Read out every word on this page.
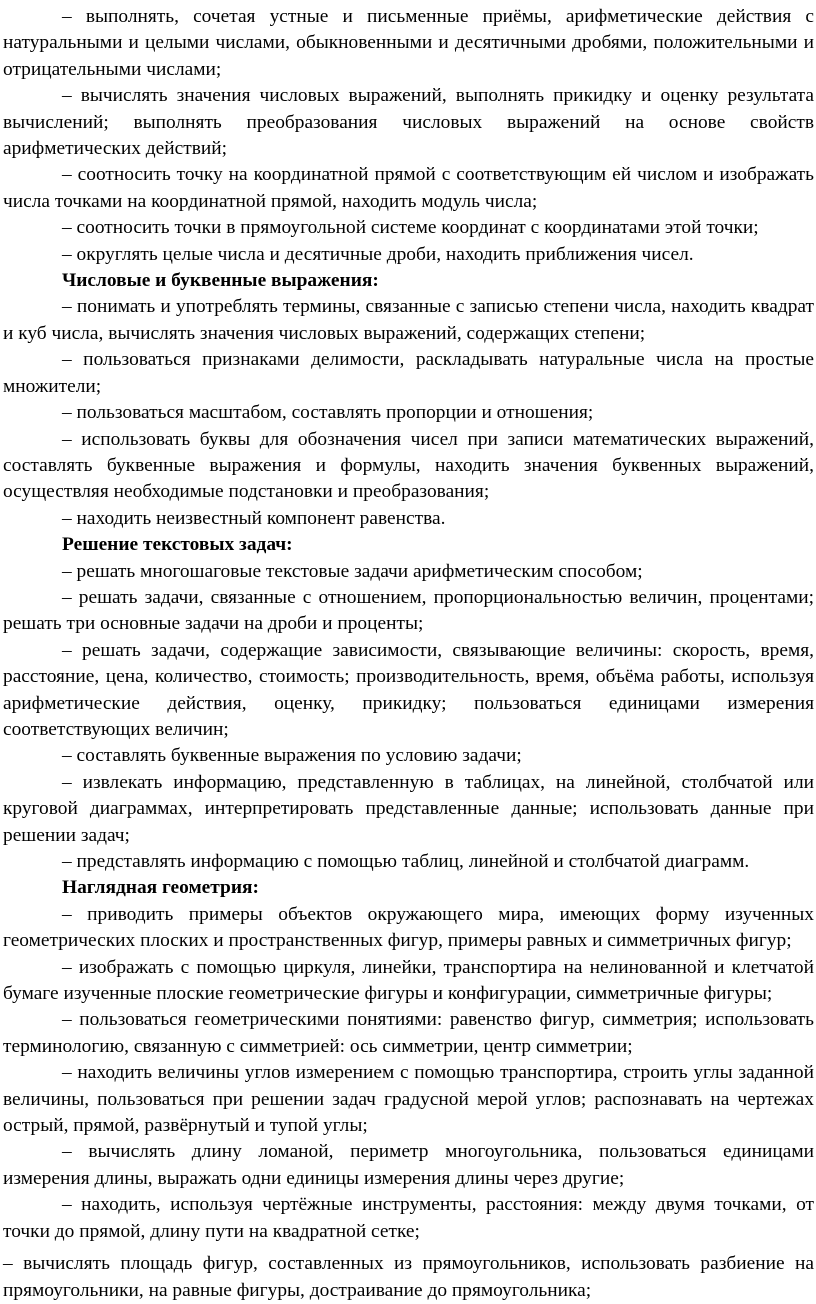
– выполнять, сочетая устные и письменные приёмы, арифметические действия с натуральными и целыми числами, обыкновенными и десятичными дробями, положительными и отрицательными числами;

– вычислять значения числовых выражений, выполнять прикидку и оценку результата вычислений; выполнять преобразования числовых выражений на основе свойств арифметических действий;

– соотносить точку на координатной прямой с соответствующим ей числом и изображать числа точками на координатной прямой, находить модуль числа;

– соотносить точки в прямоугольной системе координат с координатами этой точки;

– округлять целые числа и десятичные дроби, находить приближения чисел.

Числовые и буквенные выражения:

– понимать и употреблять термины, связанные с записью степени числа, находить квадрат и куб числа, вычислять значения числовых выражений, содержащих степени;

– пользоваться признаками делимости, раскладывать натуральные числа на простые множители;

– пользоваться масштабом, составлять пропорции и отношения;

– использовать буквы для обозначения чисел при записи математических выражений, составлять буквенные выражения и формулы, находить значения буквенных выражений, осуществляя необходимые подстановки и преобразования;

– находить неизвестный компонент равенства.

Решение текстовых задач:

– решать многошаговые текстовые задачи арифметическим способом;

– решать задачи, связанные с отношением, пропорциональностью величин, процентами; решать три основные задачи на дроби и проценты;

– решать задачи, содержащие зависимости, связывающие величины: скорость, время, расстояние, цена, количество, стоимость; производительность, время, объёма работы, используя арифметические действия, оценку, прикидку; пользоваться единицами измерения соответствующих величин;

– составлять буквенные выражения по условию задачи;

– извлекать информацию, представленную в таблицах, на линейной, столбчатой или круговой диаграммах, интерпретировать представленные данные; использовать данные при решении задач;

– представлять информацию с помощью таблиц, линейной и столбчатой диаграмм.

Наглядная геометрия:

– приводить примеры объектов окружающего мира, имеющих форму изученных геометрических плоских и пространственных фигур, примеры равных и симметричных фигур;

– изображать с помощью циркуля, линейки, транспортира на нелинованной и клетчатой бумаге изученные плоские геометрические фигуры и конфигурации, симметричные фигуры;

– пользоваться геометрическими понятиями: равенство фигур, симметрия; использовать терминологию, связанную с симметрией: ось симметрии, центр симметрии;

– находить величины углов измерением с помощью транспортира, строить углы заданной величины, пользоваться при решении задач градусной мерой углов; распознавать на чертежах острый, прямой, развёрнутый и тупой углы;

– вычислять длину ломаной, периметр многоугольника, пользоваться единицами измерения длины, выражать одни единицы измерения длины через другие;

– находить, используя чертёжные инструменты, расстояния: между двумя точками, от точки до прямой, длину пути на квадратной сетке;

– вычислять площадь фигур, составленных из прямоугольников, использовать разбиение на прямоугольники, на равные фигуры, достраивание до прямоугольника;
